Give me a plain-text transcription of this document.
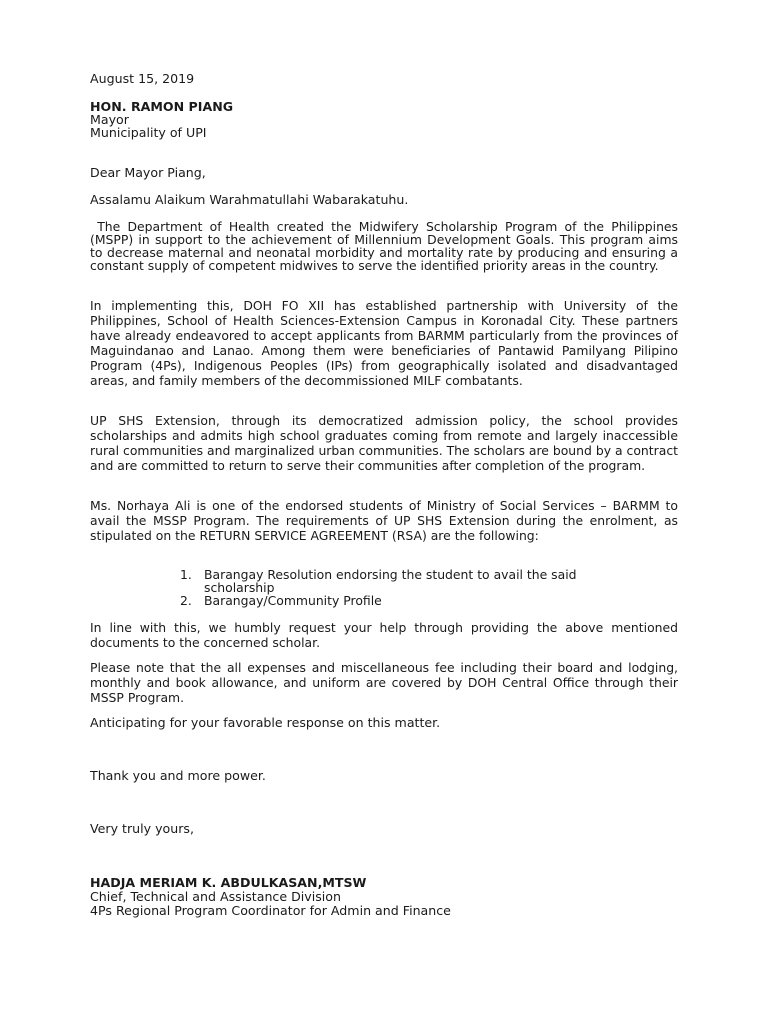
August 15, 2019

HON. RAMON PIANG

Mayor

Municipality of UPI

Dear Mayor Piang,

Assalamu Alaikum Warahmatullahi Wabarakatuhu.

The Department of Health created the Midwifery Scholarship Program of the Philippines (MSPP) in support to the achievement of Millennium Development Goals. This program aims to decrease maternal and neonatal morbidity and mortality rate by producing and ensuring a constant supply of competent midwives to serve the identified priority areas in the country.

In implementing this, DOH FO XII has established partnership with University of the Philippines, School of Health Sciences-Extension Campus in Koronadal City. These partners have already endeavored to accept applicants from BARMM particularly from the provinces of Maguindanao and Lanao. Among them were beneficiaries of Pantawid Pamilyang Pilipino Program (4Ps), Indigenous Peoples (IPs) from geographically isolated and disadvantaged areas, and family members of the decommissioned MILF combatants.

UP SHS Extension, through its democratized admission policy, the school provides scholarships and admits high school graduates coming from remote and largely inaccessible rural communities and marginalized urban communities. The scholars are bound by a contract and are committed to return to serve their communities after completion of the program.

Ms. Norhaya Ali is one of the endorsed students of Ministry of Social Services – BARMM to avail the MSSP Program. The requirements of UP SHS Extension during the enrolment, as stipulated on the RETURN SERVICE AGREEMENT (RSA) are the following:

1. Barangay Resolution endorsing the student to avail the said scholarship
2. Barangay/Community Profile

In line with this, we humbly request your help through providing the above mentioned documents to the concerned scholar.

Please note that the all expenses and miscellaneous fee including their board and lodging, monthly and book allowance, and uniform are covered by DOH Central Office through their MSSP Program.

Anticipating for your favorable response on this matter.

Thank you and more power.

Very truly yours,

HADJA MERIAM K. ABDULKASAN,MTSW

Chief, Technical and Assistance Division

4Ps Regional Program Coordinator for Admin and Finance
